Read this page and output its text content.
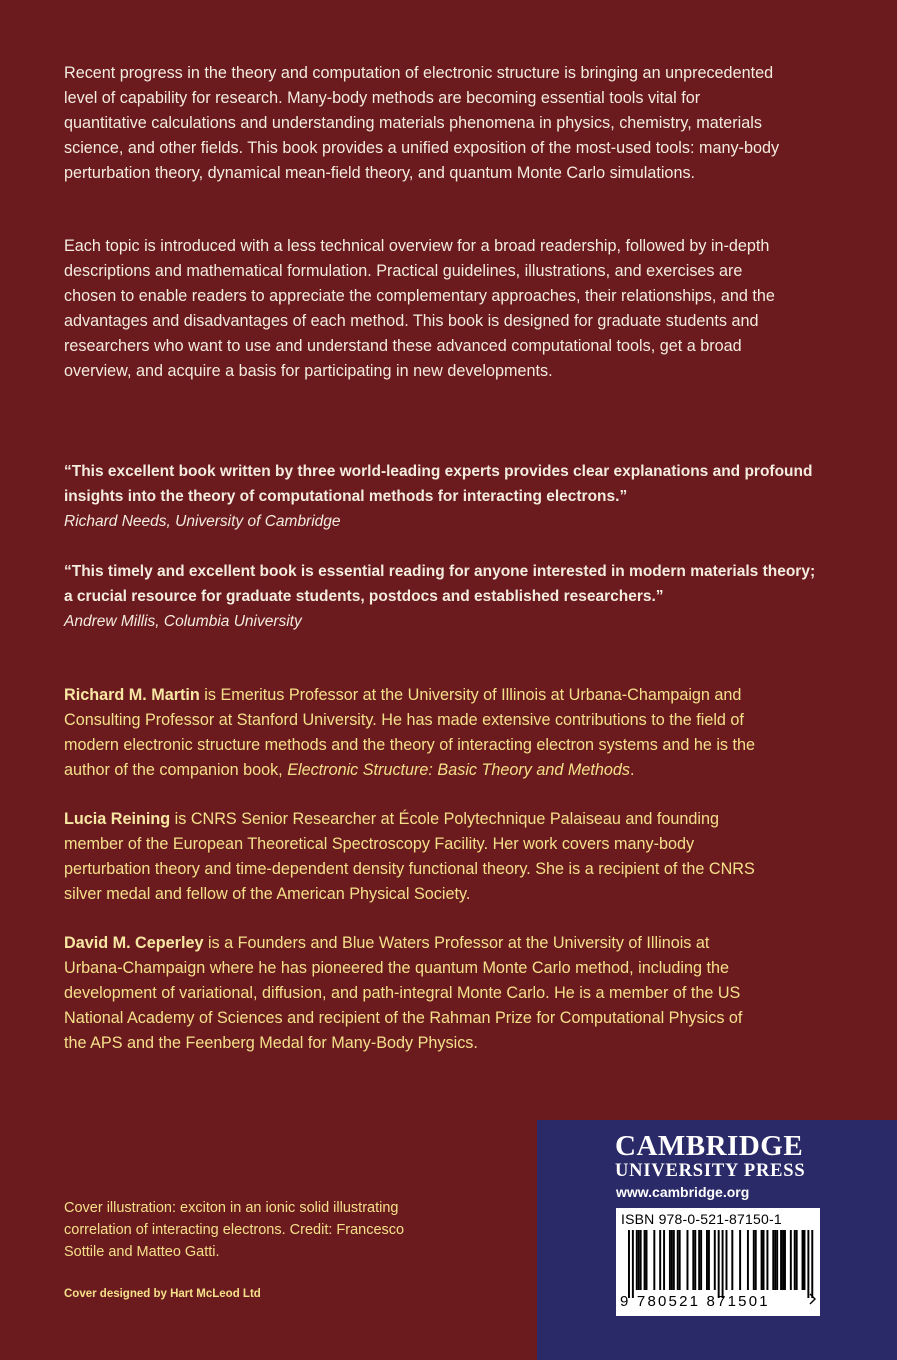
Recent progress in the theory and computation of electronic structure is bringing an unprecedented level of capability for research. Many-body methods are becoming essential tools vital for quantitative calculations and understanding materials phenomena in physics, chemistry, materials science, and other fields. This book provides a unified exposition of the most-used tools: many-body perturbation theory, dynamical mean-field theory, and quantum Monte Carlo simulations.

Each topic is introduced with a less technical overview for a broad readership, followed by in-depth descriptions and mathematical formulation. Practical guidelines, illustrations, and exercises are chosen to enable readers to appreciate the complementary approaches, their relationships, and the advantages and disadvantages of each method. This book is designed for graduate students and researchers who want to use and understand these advanced computational tools, get a broad overview, and acquire a basis for participating in new developments.

“This excellent book written by three world-leading experts provides clear explanations and profound insights into the theory of computational methods for interacting electrons.”
Richard Needs, University of Cambridge

“This timely and excellent book is essential reading for anyone interested in modern materials theory; a crucial resource for graduate students, postdocs and established researchers.”
Andrew Millis, Columbia University

Richard M. Martin is Emeritus Professor at the University of Illinois at Urbana-Champaign and Consulting Professor at Stanford University. He has made extensive contributions to the field of modern electronic structure methods and the theory of interacting electron systems and he is the author of the companion book, Electronic Structure: Basic Theory and Methods.

Lucia Reining is CNRS Senior Researcher at École Polytechnique Palaiseau and founding member of the European Theoretical Spectroscopy Facility. Her work covers many-body perturbation theory and time-dependent density functional theory. She is a recipient of the CNRS silver medal and fellow of the American Physical Society.

David M. Ceperley is a Founders and Blue Waters Professor at the University of Illinois at Urbana-Champaign where he has pioneered the quantum Monte Carlo method, including the development of variational, diffusion, and path-integral Monte Carlo. He is a member of the US National Academy of Sciences and recipient of the Rahman Prize for Computational Physics of the APS and the Feenberg Medal for Many-Body Physics.

Cover illustration: exciton in an ionic solid illustrating correlation of interacting electrons. Credit: Francesco Sottile and Matteo Gatti.

Cover designed by Hart McLeod Ltd

CAMBRIDGE
UNIVERSITY PRESS
www.cambridge.org
ISBN 978-0-521-87150-1
9 780521 871501
